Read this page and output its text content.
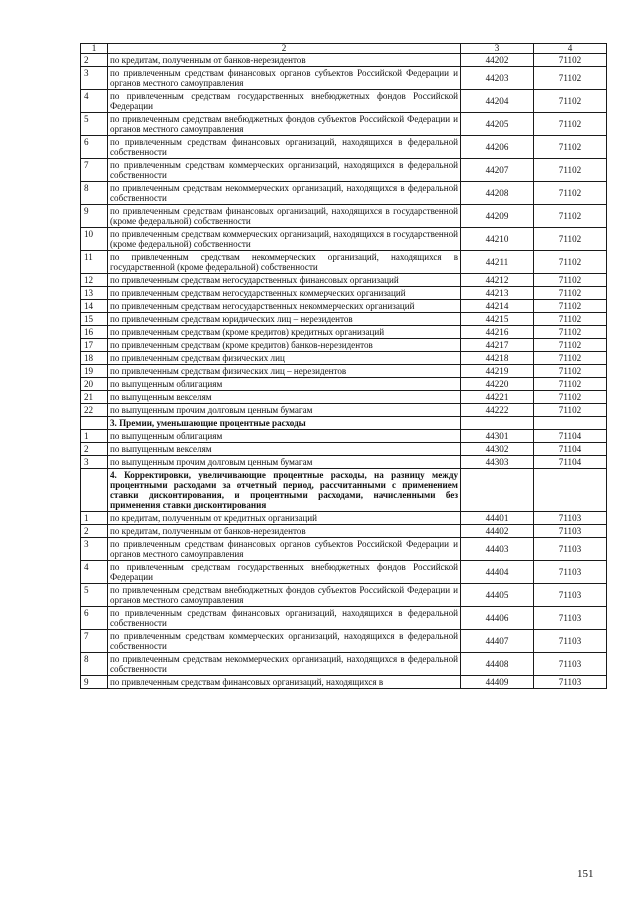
1	2	3	4
2	по кредитам, полученным от банков-нерезидентов	44202	71102
3	по привлеченным средствам финансовых органов субъектов Российской Федерации и органов местного самоуправления	44203	71102
4	по привлеченным средствам государственных внебюджетных фондов Российской Федерации	44204	71102
5	по привлеченным средствам внебюджетных фондов субъектов Российской Федерации и органов местного самоуправления	44205	71102
6	по привлеченным средствам финансовых организаций, находящихся в федеральной собственности	44206	71102
7	по привлеченным средствам коммерческих организаций, находящихся в федеральной собственности	44207	71102
8	по привлеченным средствам некоммерческих организаций, находящихся в федеральной собственности	44208	71102
9	по привлеченным средствам финансовых организаций, находящихся в государственной (кроме федеральной) собственности	44209	71102
10	по привлеченным средствам коммерческих организаций, находящихся в государственной (кроме федеральной) собственности	44210	71102
11	по привлеченным средствам некоммерческих организаций, находящихся в государственной (кроме федеральной) собственности	44211	71102
12	по привлеченным средствам негосударственных финансовых организаций	44212	71102
13	по привлеченным средствам негосударственных коммерческих организаций	44213	71102
14	по привлеченным средствам негосударственных некоммерческих организаций	44214	71102
15	по привлеченным средствам юридических лиц – нерезидентов	44215	71102
16	по привлеченным средствам (кроме кредитов) кредитных организаций	44216	71102
17	по привлеченным средствам (кроме кредитов) банков-нерезидентов	44217	71102
18	по привлеченным средствам физических лиц	44218	71102
19	по привлеченным средствам физических лиц – нерезидентов	44219	71102
20	по выпущенным облигациям	44220	71102
21	по выпущенным векселям	44221	71102
22	по выпущенным прочим долговым ценным бумагам	44222	71102
	3. Премии, уменьшающие процентные расходы		
1	по выпущенным облигациям	44301	71104
2	по выпущенным векселям	44302	71104
3	по выпущенным прочим долговым ценным бумагам	44303	71104
	4. Корректировки, увеличивающие процентные расходы, на разницу между процентными расходами за отчетный период, рассчитанными с применением ставки дисконтирования, и процентными расходами, начисленными без применения ставки дисконтирования		
1	по кредитам, полученным от кредитных организаций	44401	71103
2	по кредитам, полученным от банков-нерезидентов	44402	71103
3	по привлеченным средствам финансовых органов субъектов Российской Федерации и органов местного самоуправления	44403	71103
4	по привлеченным средствам государственных внебюджетных фондов Российской Федерации	44404	71103
5	по привлеченным средствам внебюджетных фондов субъектов Российской Федерации и органов местного самоуправления	44405	71103
6	по привлеченным средствам финансовых организаций, находящихся в федеральной собственности	44406	71103
7	по привлеченным средствам коммерческих организаций, находящихся в федеральной собственности	44407	71103
8	по привлеченным средствам некоммерческих организаций, находящихся в федеральной собственности	44408	71103
9	по привлеченным средствам финансовых организаций, находящихся в	44409	71103
151
